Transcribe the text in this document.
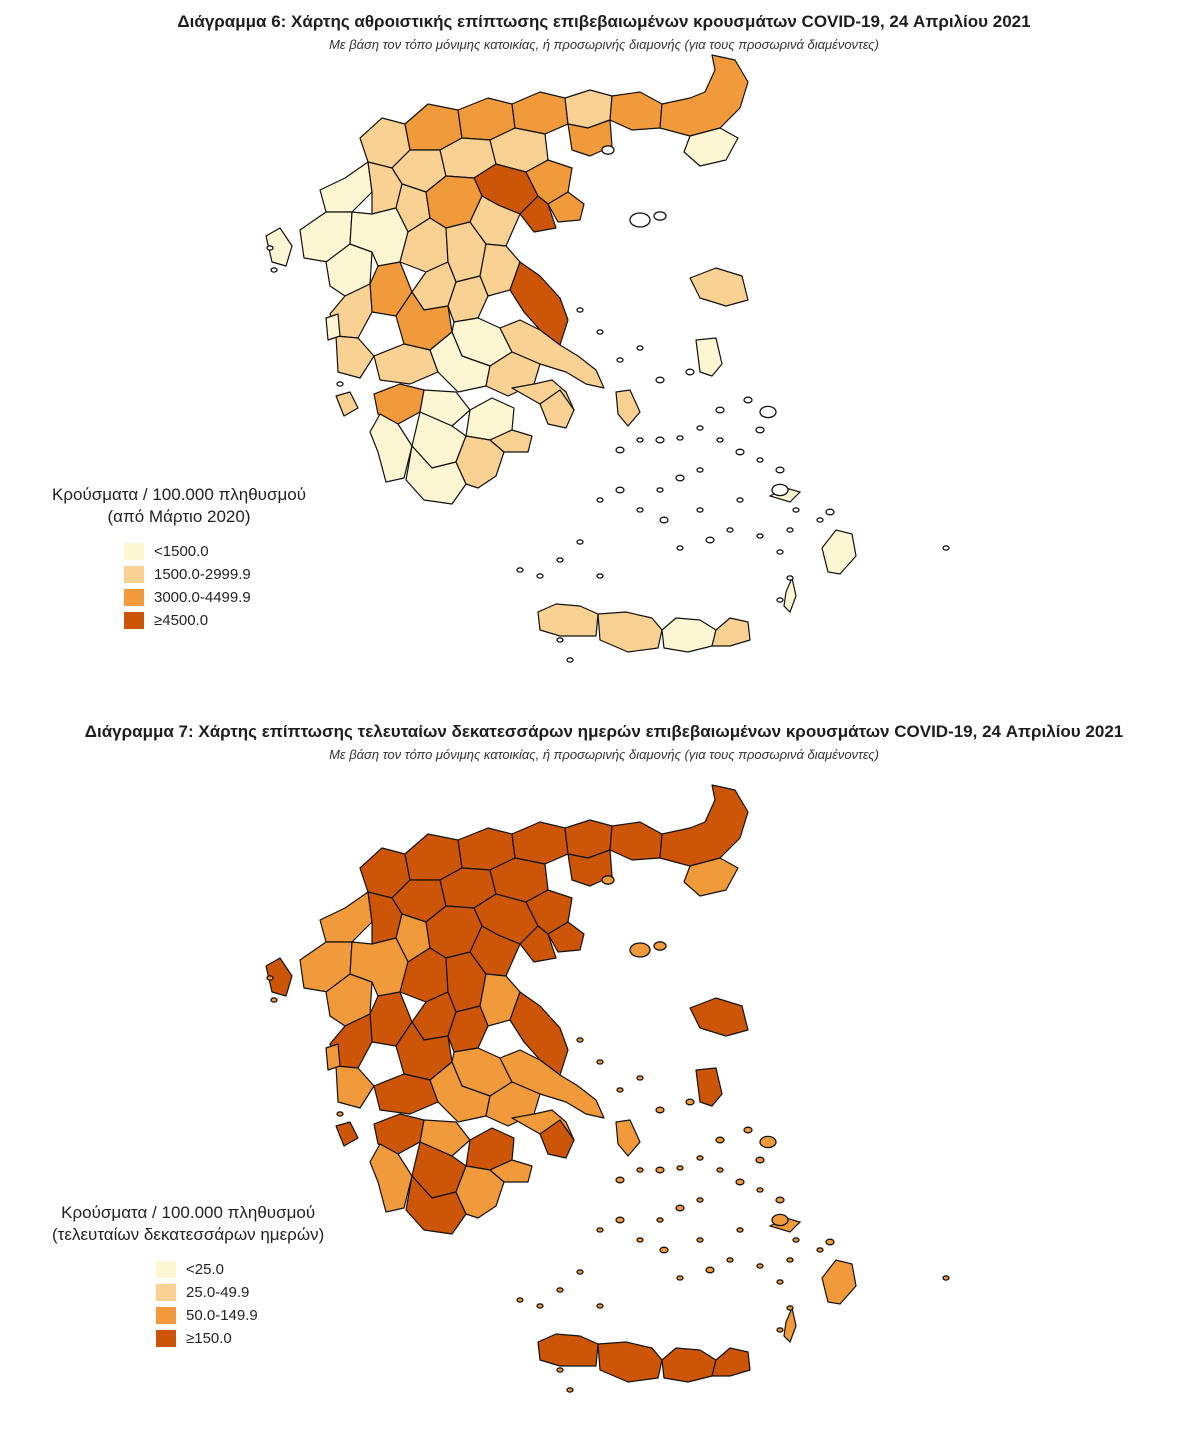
Διάγραμμα 6: Χάρτης αθροιστικής επίπτωσης επιβεβαιωμένων κρουσμάτων COVID-19, 24 Απριλίου 2021
Με βάση τον τόπο μόνιμης κατοικίας, ή προσωρινής διαμονής (για τους προσωρινά διαμένοντες)
Κρούσματα / 100.000 πληθυσμού
(από Μάρτιο 2020)
<1500.0
1500.0-2999.9
3000.0-4499.9
≥4500.0
Διάγραμμα 7: Χάρτης επίπτωσης τελευταίων δεκατεσσάρων ημερών επιβεβαιωμένων κρουσμάτων COVID-19, 24 Απριλίου 2021
Με βάση τον τόπο μόνιμης κατοικίας, ή προσωρινής διαμονής (για τους προσωρινά διαμένοντες)
Κρούσματα / 100.000 πληθυσμού
(τελευταίων δεκατεσσάρων ημερών)
<25.0
25.0-49.9
50.0-149.9
≥150.0
